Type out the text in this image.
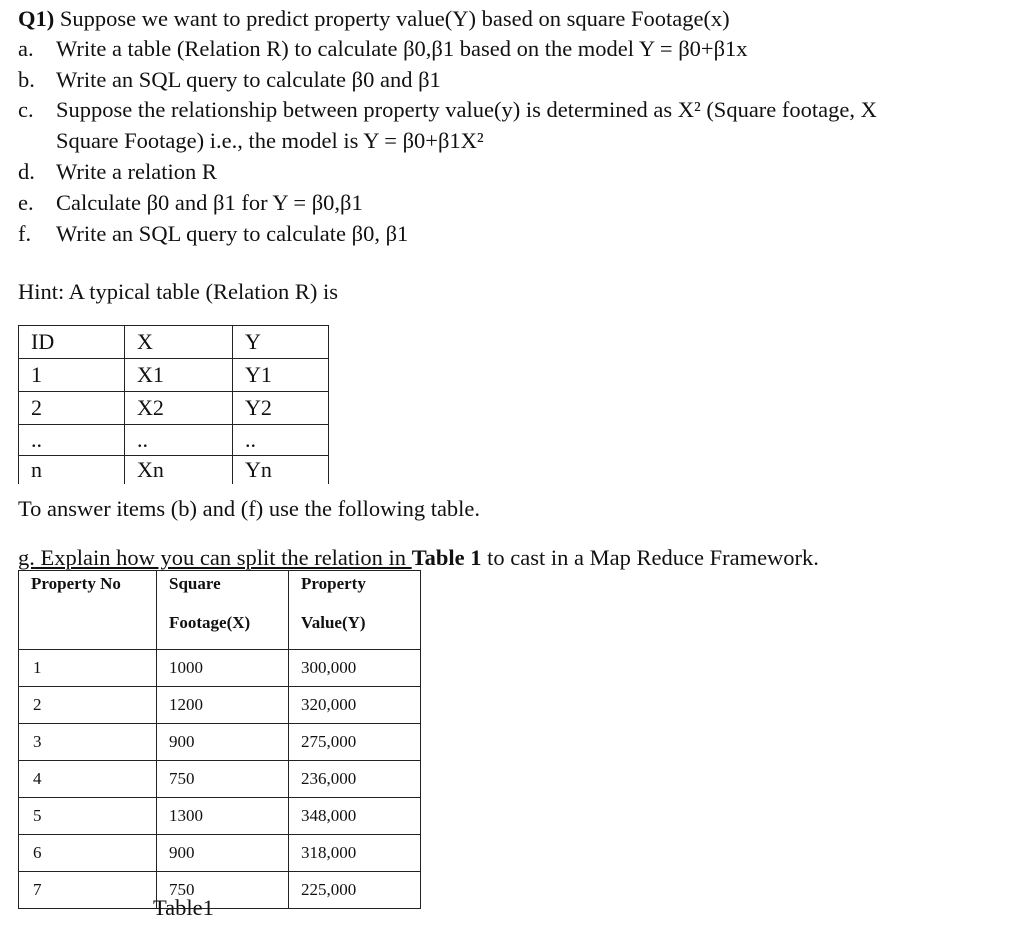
Q1) Suppose we want to predict property value(Y) based on square Footage(x)
a. Write a table (Relation R) to calculate β0,β1 based on the model Y = β0+β1x
b. Write an SQL query to calculate β0 and β1
c. Suppose the relationship between property value(y) is determined as X² (Square footage, X
Square Footage) i.e., the model is Y = β0+β1X²
d. Write a relation R
e. Calculate β0 and β1 for Y = β0,β1
f. Write an SQL query to calculate β0, β1
Hint: A typical table (Relation R) is
ID	X	Y
1	X1	Y1
2	X2	Y2
..	..	..
n	Xn	Yn
To answer items (b) and (f) use the following table.
g. Explain how you can split the relation in Table 1 to cast in a Map Reduce Framework.
Property No	Square	Property
	Footage(X)	Value(Y)
1	1000	300,000
2	1200	320,000
3	900	275,000
4	750	236,000
5	1300	348,000
6	900	318,000
7	750	225,000
Table1
